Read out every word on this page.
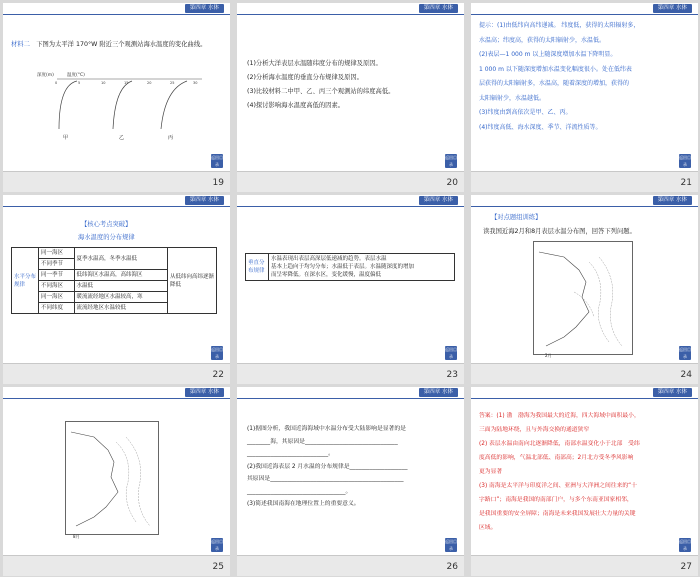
第四章 水体
材料二　 下图为太平洋 170°W 附近三个观测站海水温度的变化曲线。
温度(°C)
深度(m)
0	5	10	15	20	25	30
甲	乙	丙
返回目录
19
第四章 水体
(1)分析大洋表层水温随纬度分布的规律及原因。
(2)分析海水温度的垂直分布规律及原因。
(3)比较材料二中甲、乙、丙三个观测站的纬度高低。
(4)探讨影响海水温度高低的因素。
返回目录
20
第四章 水体
提示：(1)由低纬向高纬递减。 纬度低，获得的太阳辐射多，
水温高；纬度高，获得的太阳辐射少，水温低。
(2)表层—1 000 m 以上随深度增加水温下降明显。
1 000 m 以下随深度增加水温变化幅度很小。处在低纬表
层获得的太阳辐射多，水温高，随着深度的增加，获得的
太阳辐射少，水温越低。
(3)纬度由到高依次是甲、乙、丙。
(4)纬度高低、海水深度、季节、洋流性质等。
返回目录
21
第四章 水体
【核心考点突破】
海水温度的分布规律
水平分布规律	同一海区	夏季水温高，冬季水温低	从低纬向高纬逐渐降低
	不同季节		
	同一季节	低纬海区水温高，高纬海区	
	不同海区	水温低	
	同一海区	暖流流经地区水温较高，寒	
	不同纬度	流流经地区水温较低	
返回目录
22
第四章 水体
垂直分布规律	
水温表现出表层高深层低递减的趋势。表层水温
基本上趋向于均匀分布；水温低于表层。水温随深度的增加
而呈零降低。在深水区，变化缓慢，温度偏低
返回目录
23
第四章 水体
【对点题组训练】
读我国近海2月和8月表层水温分布图，回答下列问题。
2月
返回目录
24
第四章 水体
8月
返回目录
25
第四章 水体
(1)据图分析，我国近海海域中水温分布受大陆影响是显著的是
________海，其原因是________________________________
____________________________。
(2)我国近海表层 2 月水温的分布规律是____________________
其原因是______________________________________________
__________________________________。
(3)简述我国南海在地理位置上的重要意义。
返回目录
26
第四章 水体
答案：(1) 渤　渤海为我国最大的近海，四大海域中面积最小，
三面为陆地环绕，且与外海交换的通道狭窄
(2) 表层水温由南向北逐渐降低，南部水温变化小于北部　受纬
度高低的影响，气温北部低、南部高；2月北方受冬季风影响
更为显著
(3) 南海是太平洋与印度洋之间、亚洲与大洋洲之间往来的“十
字路口”；南海是我国的南部门户，与多个东南亚国家相邻，
是我国重要的安全屏障；南海是未来我国发展壮大力量的关键
区域。
返回目录
27
